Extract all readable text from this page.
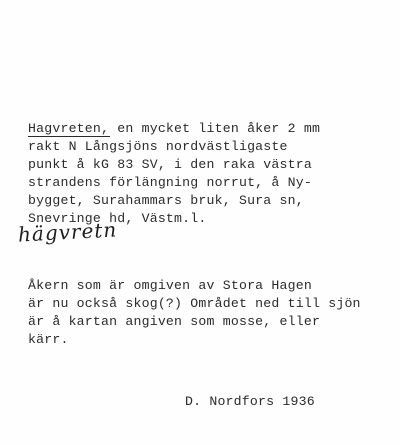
Hagvreten, en mycket liten åker 2 mm
rakt N Långsjöns nordvästligaste
punkt å kG 83 SV, i den raka västra
strandens förlängning norrut, å Ny-
bygget, Surahammars bruk, Sura sn,
Snevringe hd, Västm.l.
hägvretn
Åkern som är omgiven av Stora Hagen
är nu också skog(?) Området ned till sjön
är å kartan angiven som mosse, eller
kärr.
D. Nordfors 1936
